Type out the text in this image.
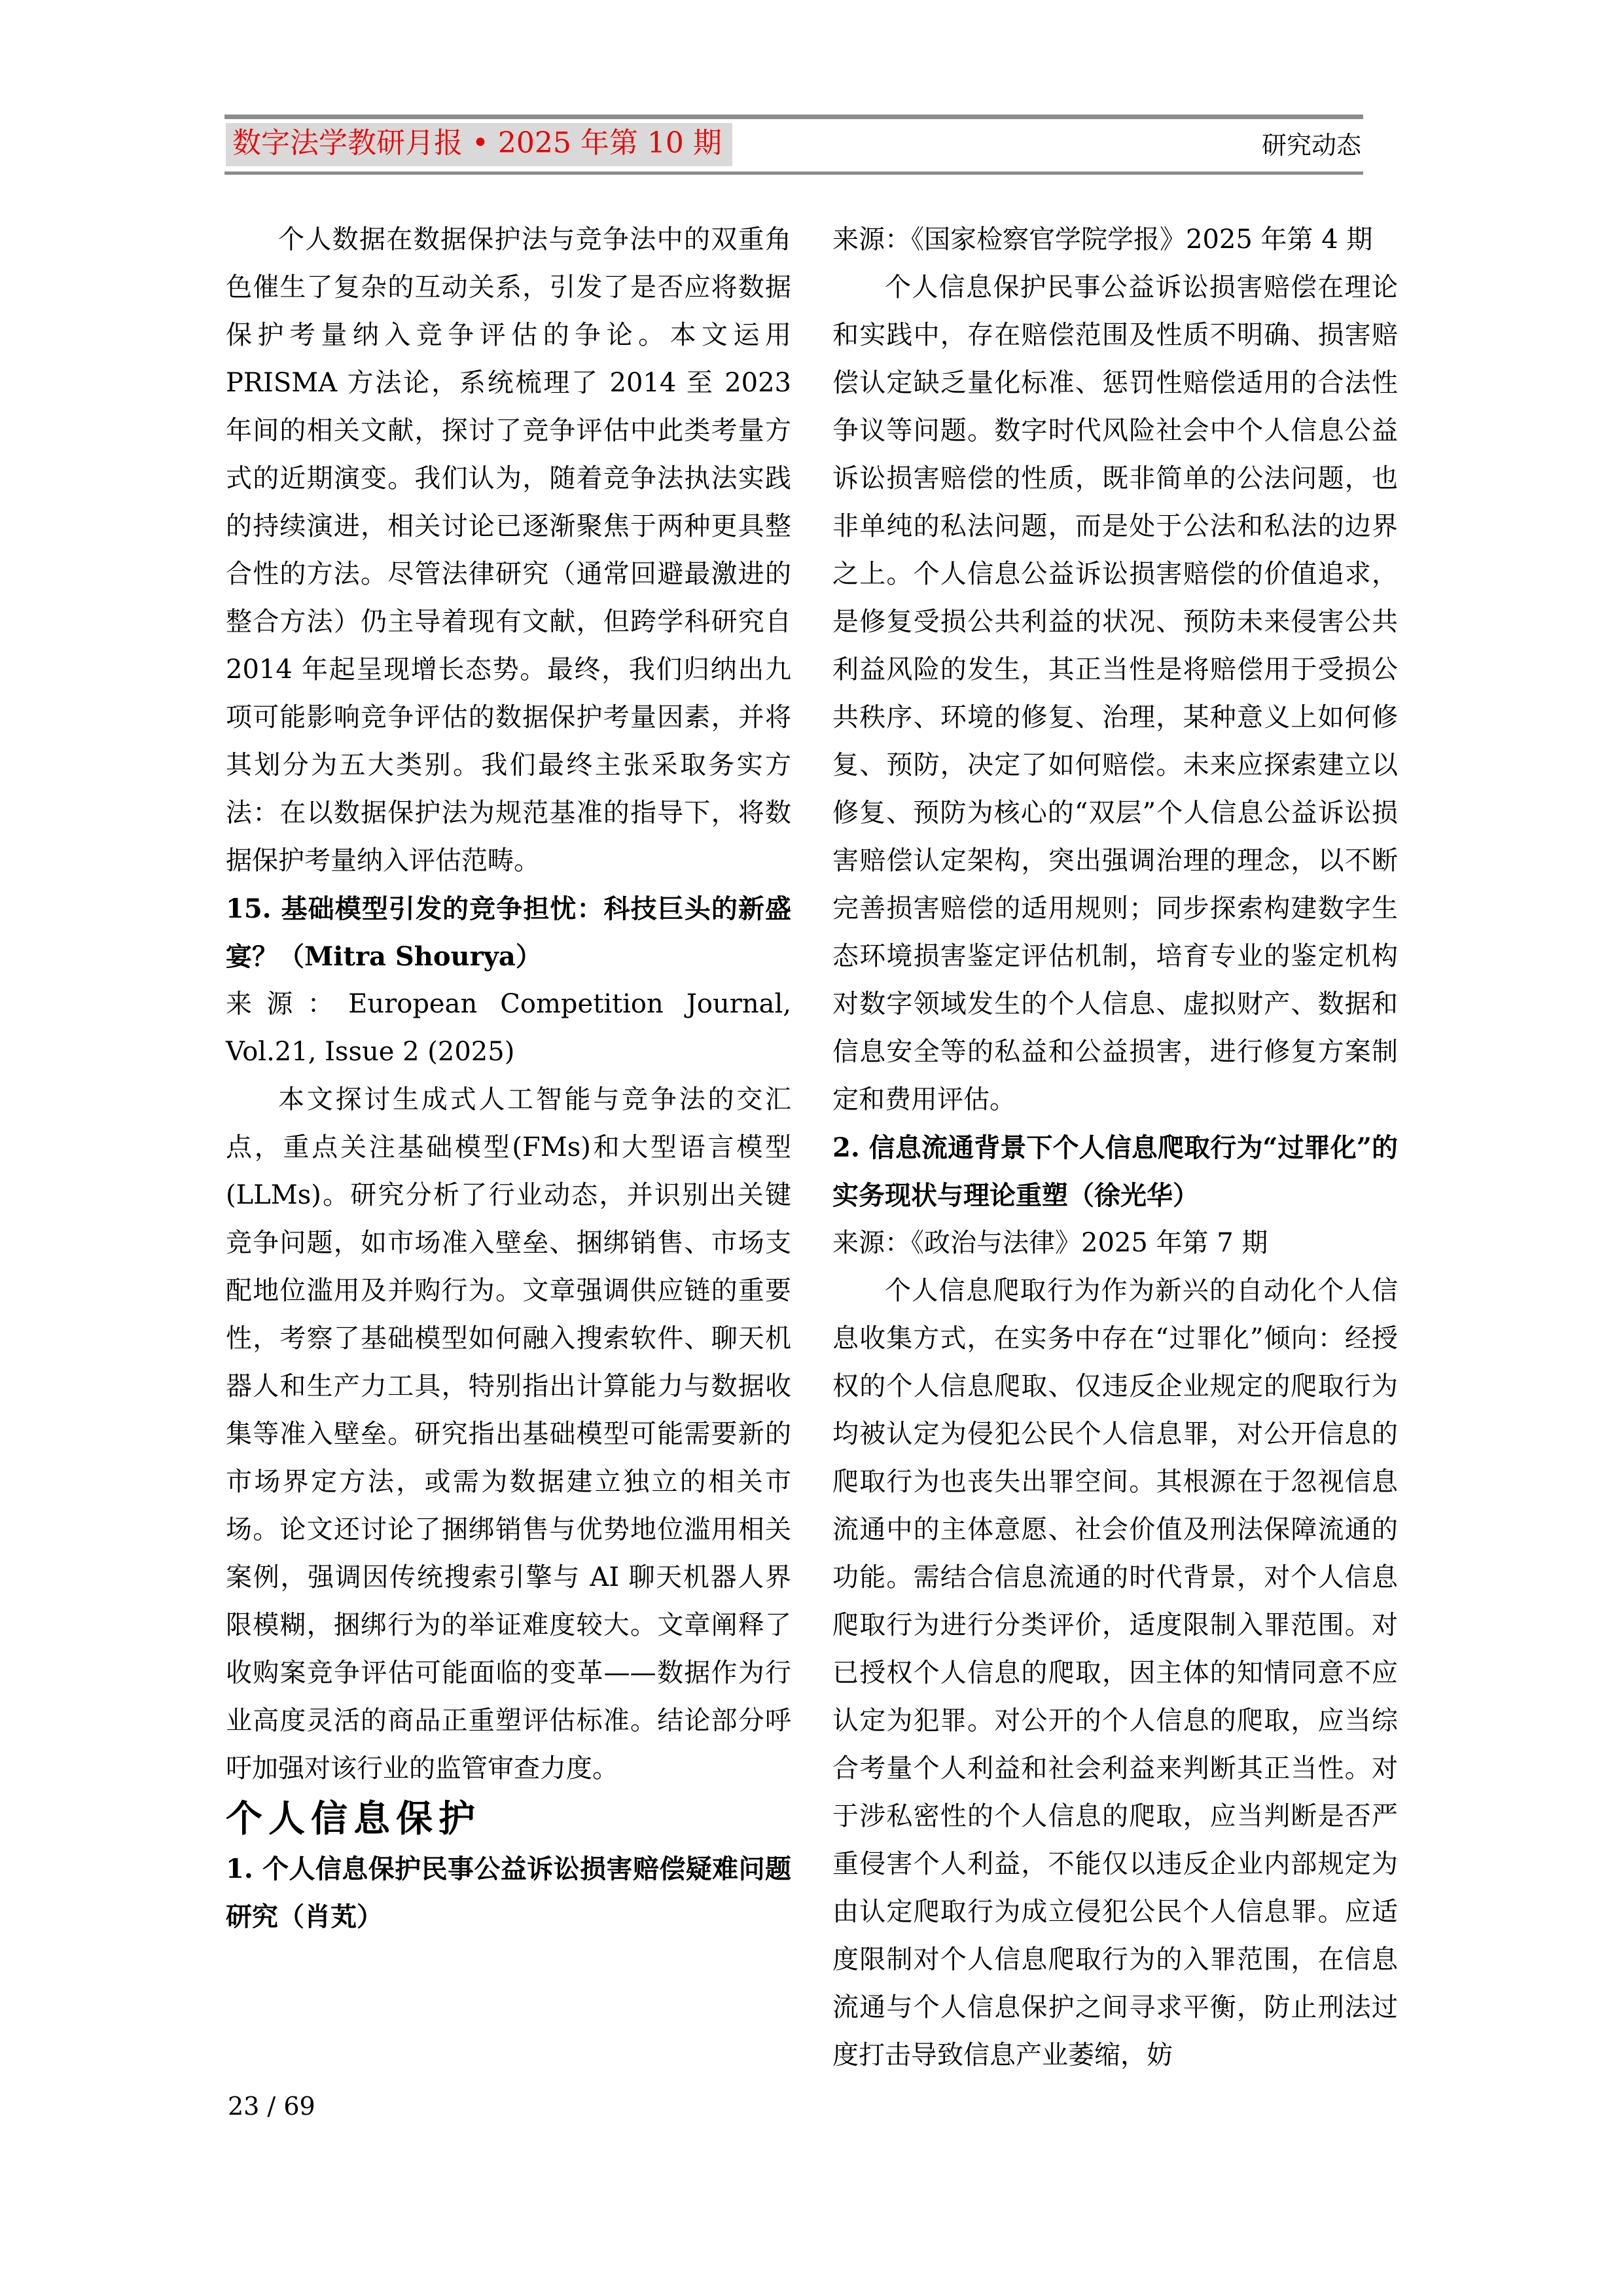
数字法学教研月报 • 2025 年第 10 期	研究动态

个人数据在数据保护法与竞争法中的双重角色催生了复杂的互动关系，引发了是否应将数据保护考量纳入竞争评估的争论。本文运用 PRISMA 方法论，系统梳理了 2014 至 2023 年间的相关文献，探讨了竞争评估中此类考量方式的近期演变。我们认为，随着竞争法执法实践的持续演进，相关讨论已逐渐聚焦于两种更具整合性的方法。尽管法律研究（通常回避最激进的整合方法）仍主导着现有文献，但跨学科研究自 2014 年起呈现增长态势。最终，我们归纳出九项可能影响竞争评估的数据保护考量因素，并将其划分为五大类别。我们最终主张采取务实方法：在以数据保护法为规范基准的指导下，将数据保护考量纳入评估范畴。

15. 基础模型引发的竞争担忧：科技巨头的新盛宴？（Mitra Shourya）

来源：European Competition Journal, Vol.21, Issue 2 (2025)

本文探讨生成式人工智能与竞争法的交汇点，重点关注基础模型(FMs)和大型语言模型(LLMs)。研究分析了行业动态，并识别出关键竞争问题，如市场准入壁垒、捆绑销售、市场支配地位滥用及并购行为。文章强调供应链的重要性，考察了基础模型如何融入搜索软件、聊天机器人和生产力工具，特别指出计算能力与数据收集等准入壁垒。研究指出基础模型可能需要新的市场界定方法，或需为数据建立独立的相关市场。论文还讨论了捆绑销售与优势地位滥用相关案例，强调因传统搜索引擎与 AI 聊天机器人界限模糊，捆绑行为的举证难度较大。文章阐释了收购案竞争评估可能面临的变革——数据作为行业高度灵活的商品正重塑评估标准。结论部分呼吁加强对该行业的监管审查力度。

个人信息保护
1. 个人信息保护民事公益诉讼损害赔偿疑难问题研究（肖芄）

来源：《国家检察官学院学报》2025 年第 4 期

个人信息保护民事公益诉讼损害赔偿在理论和实践中，存在赔偿范围及性质不明确、损害赔偿认定缺乏量化标准、惩罚性赔偿适用的合法性争议等问题。数字时代风险社会中个人信息公益诉讼损害赔偿的性质，既非简单的公法问题，也非单纯的私法问题，而是处于公法和私法的边界之上。个人信息公益诉讼损害赔偿的价值追求，是修复受损公共利益的状况、预防未来侵害公共利益风险的发生，其正当性是将赔偿用于受损公共秩序、环境的修复、治理，某种意义上如何修复、预防，决定了如何赔偿。未来应探索建立以修复、预防为核心的“双层”个人信息公益诉讼损害赔偿认定架构，突出强调治理的理念，以不断完善损害赔偿的适用规则；同步探索构建数字生态环境损害鉴定评估机制，培育专业的鉴定机构对数字领域发生的个人信息、虚拟财产、数据和信息安全等的私益和公益损害，进行修复方案制定和费用评估。

2. 信息流通背景下个人信息爬取行为“过罪化”的实务现状与理论重塑（徐光华）

来源：《政治与法律》2025 年第 7 期

个人信息爬取行为作为新兴的自动化个人信息收集方式，在实务中存在“过罪化”倾向：经授权的个人信息爬取、仅违反企业规定的爬取行为均被认定为侵犯公民个人信息罪，对公开信息的爬取行为也丧失出罪空间。其根源在于忽视信息流通中的主体意愿、社会价值及刑法保障流通的功能。需结合信息流通的时代背景，对个人信息爬取行为进行分类评价，适度限制入罪范围。对已授权个人信息的爬取，因主体的知情同意不应认定为犯罪。对公开的个人信息的爬取，应当综合考量个人利益和社会利益来判断其正当性。对于涉私密性的个人信息的爬取，应当判断是否严重侵害个人利益，不能仅以违反企业内部规定为由认定爬取行为成立侵犯公民个人信息罪。应适度限制对个人信息爬取行为的入罪范围，在信息流通与个人信息保护之间寻求平衡，防止刑法过度打击导致信息产业萎缩，妨

23 / 69
